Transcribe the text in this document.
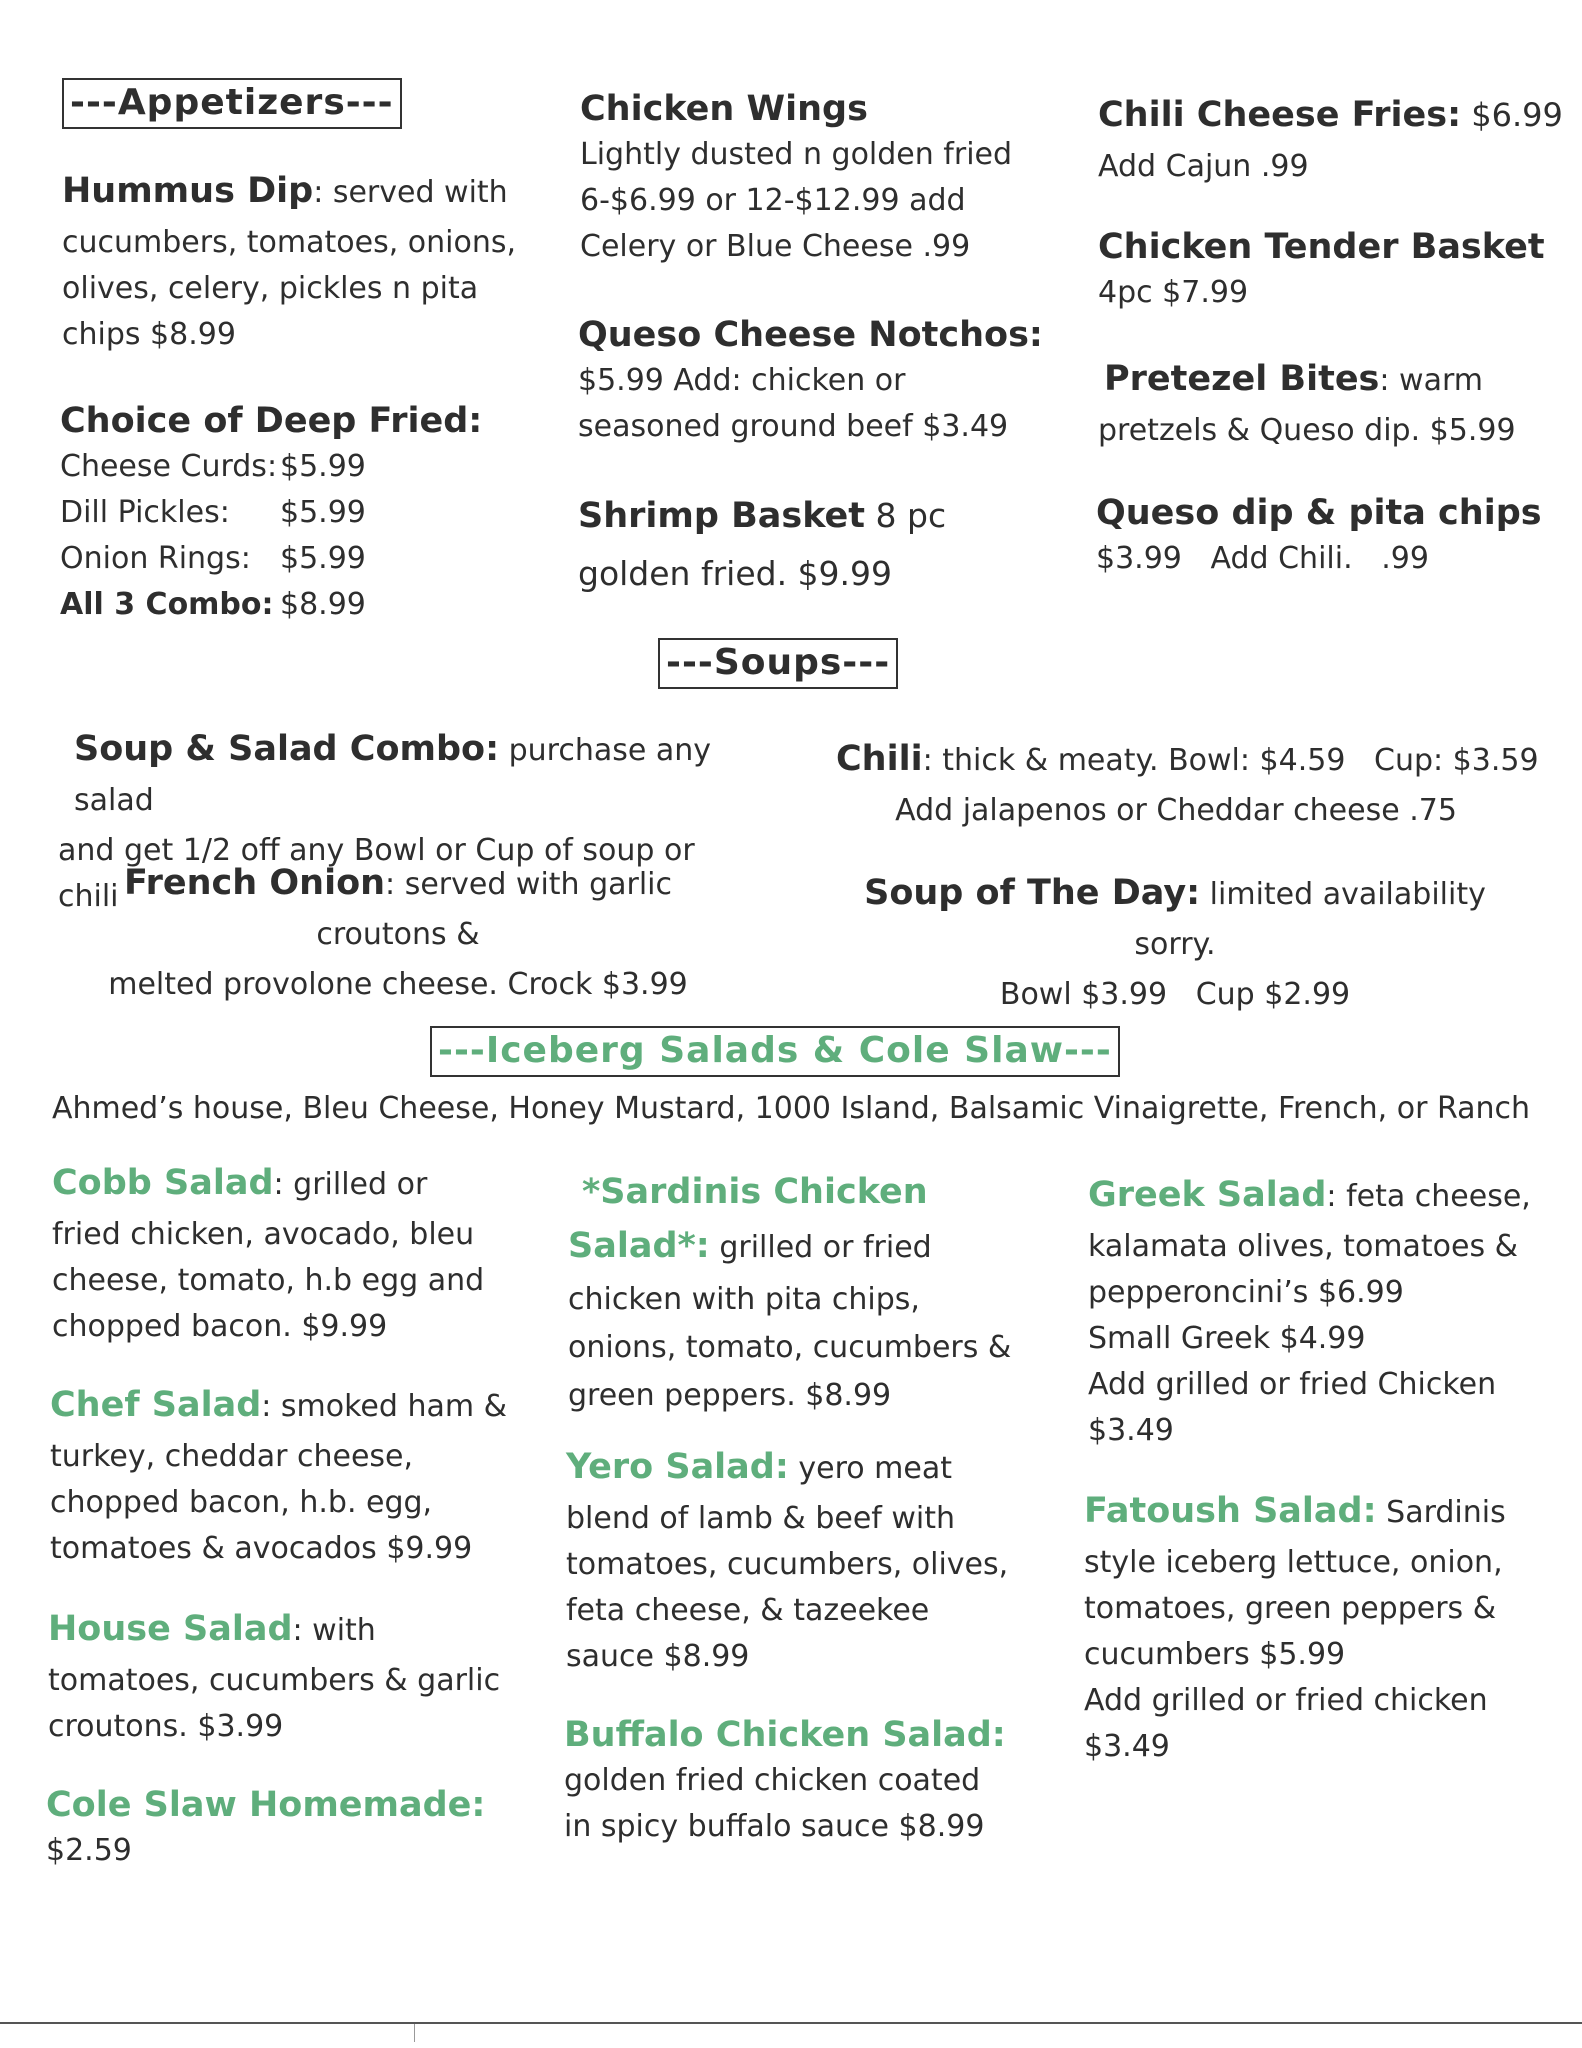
---Appetizers---
Hummus Dip: served with
cucumbers, tomatoes, onions,
olives, celery, pickles n pita
chips $8.99
Choice of Deep Fried:
Cheese Curds: $5.99
Dill Pickles:	$5.99
Onion Rings: $5.99
All 3 Combo: $8.99
Chicken Wings
Lightly dusted n golden fried
6-$6.99 or 12-$12.99 add
Celery or Blue Cheese .99
Queso Cheese Notchos:
$5.99 Add: chicken or
seasoned ground beef $3.49
Shrimp Basket 8 pc
golden fried. $9.99
Chili Cheese Fries: $6.99
Add Cajun .99
Chicken Tender Basket
4pc $7.99
Pretezel Bites: warm
pretzels & Queso dip. $5.99
Queso dip & pita chips
$3.99   Add Chili.   .99
---Soups---
Soup & Salad Combo: purchase any salad
and get 1/2 off any Bowl or Cup of soup or chili French Onion: served with garlic croutons &
melted provolone cheese. Crock $3.99
Chili: thick & meaty. Bowl: $4.59   Cup: $3.59
Add jalapenos or Cheddar cheese .75
Soup of The Day: limited availability sorry.
Bowl $3.99   Cup $2.99
---Iceberg Salads & Cole Slaw---
Ahmed’s house, Bleu Cheese, Honey Mustard, 1000 Island, Balsamic Vinaigrette, French, or Ranch
Cobb Salad: grilled or
fried chicken, avocado, bleu
cheese, tomato, h.b egg and
chopped bacon. $9.99
Chef Salad: smoked ham &
turkey, cheddar cheese,
chopped bacon, h.b. egg,
tomatoes & avocados $9.99
House Salad: with
tomatoes, cucumbers & garlic
croutons. $3.99
Cole Slaw Homemade:
$2.59
*Sardinis Chicken
Salad*: grilled or fried
chicken with pita chips,
onions, tomato, cucumbers &
green peppers. $8.99
Yero Salad: yero meat
blend of lamb & beef with
tomatoes, cucumbers, olives,
feta cheese, & tazeekee
sauce $8.99
Buffalo Chicken Salad:
golden fried chicken coated
in spicy buffalo sauce $8.99
Greek Salad: feta cheese,
kalamata olives, tomatoes &
pepperoncini’s $6.99
Small Greek $4.99
Add grilled or fried Chicken
$3.49
Fatoush Salad: Sardinis
style iceberg lettuce, onion,
tomatoes, green peppers &
cucumbers $5.99
Add grilled or fried chicken
$3.49
